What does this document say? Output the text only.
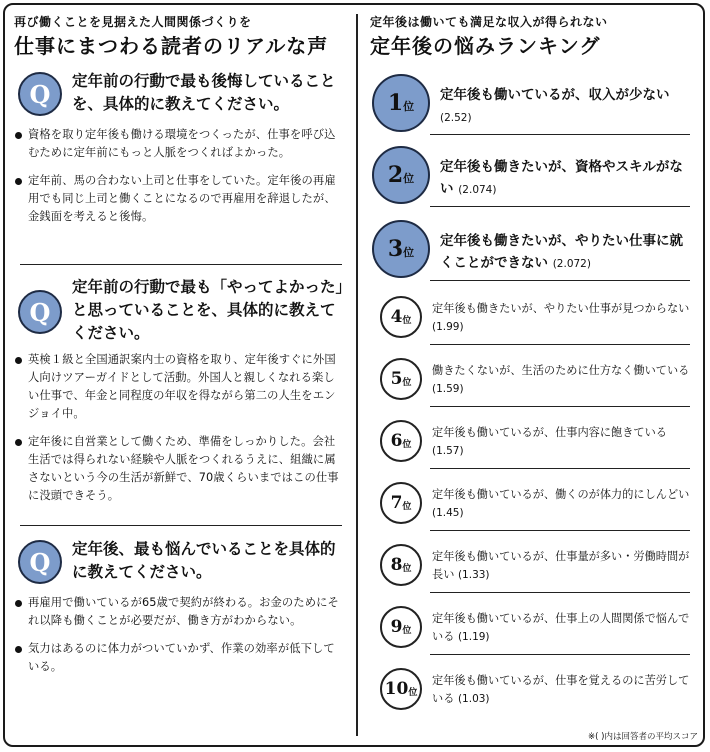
再び働くことを見据えた人間関係づくりを

仕事にまつわる読者のリアルな声
Q	定年前の行動で最も後悔していることを、具体的に教えてください。
資格を取り定年後も働ける環境をつくったが、仕事を呼び込むために定年前にもっと人脈をつくればよかった。
定年前、馬の合わない上司と仕事をしていた。定年後の再雇用でも同じ上司と働くことになるので再雇用を辞退したが、金銭面を考えると後悔。
Q
定年前の行動で最も「やってよかった」と思っていることを、具体的に教えてください。
英検１級と全国通訳案内士の資格を取り、定年後すぐに外国人向けツアーガイドとして活動。外国人と親しくなれる楽しい仕事で、年金と同程度の年収を得ながら第二の人生をエンジョイ中。
定年後に自営業として働くため、準備をしっかりした。会社生活では得られない経験や人脈をつくれるうえに、組織に属さないという今の生活が新鮮で、70歳くらいまではこの仕事に没頭できそう。
Q	定年後、最も悩んでいることを具体的に教えてください。
再雇用で働いているが65歳で契約が終わる。お金のためにそれ以降も働くことが必要だが、働き方がわからない。
気力はあるのに体力がついていかず、作業の効率が低下している。

定年後は働いても満足な収入が得られない

定年後の悩みランキング
1 位
定年後も働いているが、収入が少ない (2.52)
2 位
定年後も働きたいが、資格やスキルがない (2.074)
3 位
定年後も働きたいが、やりたい仕事に就くことができない (2.072)
4 位
定年後も働きたいが、やりたい仕事が見つからない (1.99)
5 位
働きたくないが、生活のために仕方なく働いている (1.59)
6 位
定年後も働いているが、仕事内容に飽きている (1.57)
7 位
定年後も働いているが、働くのが体力的にしんどい (1.45)
8 位
定年後も働いているが、仕事量が多い・労働時間が長い (1.33)
9 位
定年後も働いているが、仕事上の人間関係で悩んでいる (1.19)
10 位
定年後も働いているが、仕事を覚えるのに苦労している (1.03)
※( )内は回答者の平均スコア
